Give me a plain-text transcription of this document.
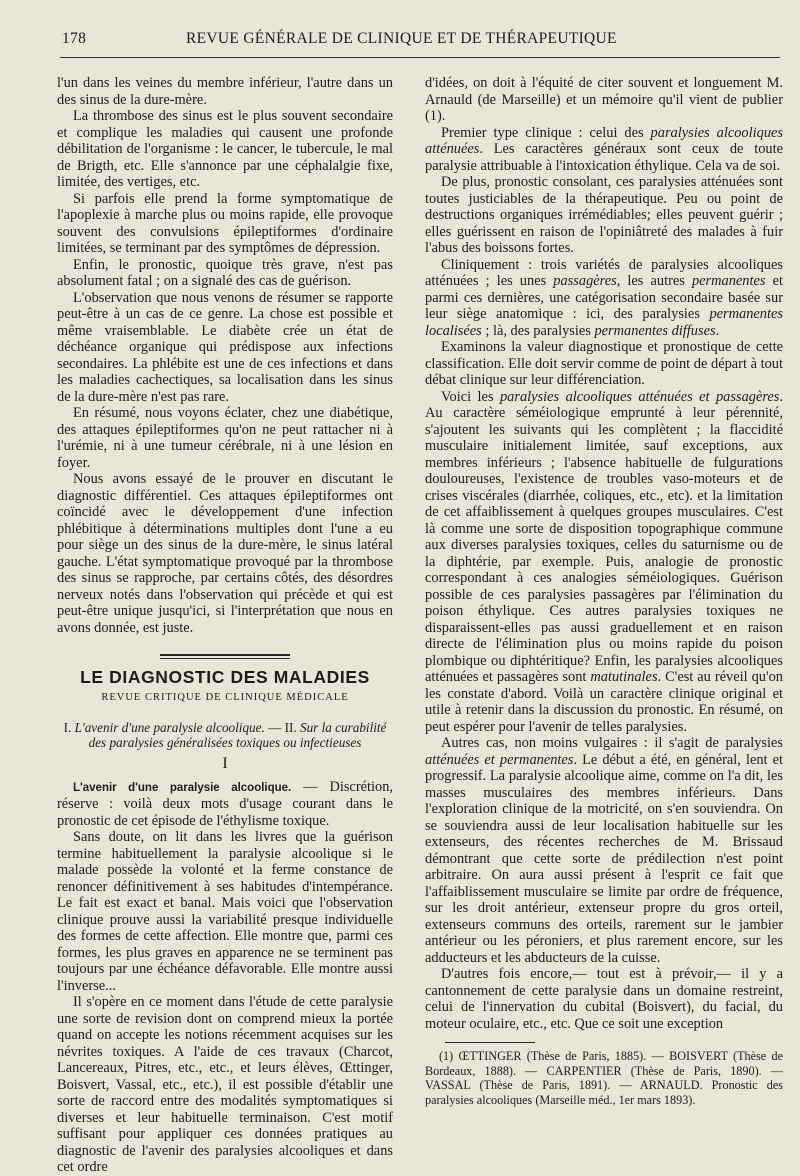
178	REVUE GÉNÉRALE DE CLINIQUE ET DE THÉRAPEUTIQUE

l'un dans les veines du membre inférieur, l'autre dans un des sinus de la dure-mère.

La thrombose des sinus est le plus souvent secondaire et complique les maladies qui causent une profonde débilitation de l'organisme : le cancer, le tubercule, le mal de Brigth, etc. Elle s'annonce par une céphalalgie fixe, limitée, des vertiges, etc.

Si parfois elle prend la forme symptomatique de l'apoplexie à marche plus ou moins rapide, elle provoque souvent des convulsions épileptiformes d'ordinaire limitées, se terminant par des symptômes de dépression.

Enfin, le pronostic, quoique très grave, n'est pas absolument fatal ; on a signalé des cas de guérison.

L'observation que nous venons de résumer se rapporte peut-être à un cas de ce genre. La chose est possible et même vraisemblable. Le diabète crée un état de déchéance organique qui prédispose aux infections secondaires. La phlébite est une de ces infections et dans les maladies cachectiques, sa localisation dans les sinus de la dure-mère n'est pas rare.

En résumé, nous voyons éclater, chez une diabétique, des attaques épileptiformes qu'on ne peut rattacher ni à l'urémie, ni à une tumeur cérébrale, ni à une lésion en foyer.

Nous avons essayé de le prouver en discutant le diagnostic différentiel. Ces attaques épileptiformes ont coïncidé avec le développement d'une infection phlébitique à déterminations multiples dont l'une a eu pour siège un des sinus de la dure-mère, le sinus latéral gauche. L'état symptomatique provoqué par la thrombose des sinus se rapproche, par certains côtés, des désordres nerveux notés dans l'observation qui précède et qui est peut-être unique jusqu'ici, si l'interprétation que nous en avons donnée, est juste.

LE DIAGNOSTIC DES MALADIES
REVUE CRITIQUE DE CLINIQUE MÉDICALE
I. L'avenir d'une paralysie alcoolique. — II. Sur la curabilité des paralysies généralisées toxiques ou infectieuses
I

L'avenir d'une paralysie alcoolique. — Discrétion, réserve : voilà deux mots d'usage courant dans le pronostic de cet épisode de l'éthylisme toxique.

Sans doute, on lit dans les livres que la guérison termine habituellement la paralysie alcoolique si le malade possède la volonté et la ferme constance de renoncer définitivement à ses habitudes d'intempérance. Le fait est exact et banal. Mais voici que l'observation clinique prouve aussi la variabilité presque individuelle des formes de cette affection. Elle montre que, parmi ces formes, les plus graves en apparence ne se terminent pas toujours par une échéance défavorable. Elle montre aussi l'inverse...

Il s'opère en ce moment dans l'étude de cette paralysie une sorte de revision dont on comprend mieux la portée quand on accepte les notions récemment acquises sur les névrites toxiques. A l'aide de ces travaux (Charcot, Lancereaux, Pitres, etc., etc., et leurs élèves, Œttinger, Boisvert, Vassal, etc., etc.), il est possible d'établir une sorte de raccord entre des modalités symptomatiques si diverses et leur habituelle terminaison. C'est motif suffisant pour appliquer ces données pratiques au diagnostic de l'avenir des paralysies alcooliques et dans cet ordre

d'idées, on doit à l'équité de citer souvent et longuement M. Arnauld (de Marseille) et un mémoire qu'il vient de publier (1).

Premier type clinique : celui des paralysies alcooliques atténuées. Les caractères généraux sont ceux de toute paralysie attribuable à l'intoxication éthylique. Cela va de soi.

De plus, pronostic consolant, ces paralysies atténuées sont toutes justiciables de la thérapeutique. Peu ou point de destructions organiques irrémédiables; elles peuvent guérir ; elles guérissent en raison de l'opiniâtreté des malades à fuir l'abus des boissons fortes.

Cliniquement : trois variétés de paralysies alcooliques atténuées ; les unes passagères, les autres permanentes et parmi ces dernières, une catégorisation secondaire basée sur leur siège anatomique : ici, des paralysies permanentes localisées ; là, des paralysies permanentes diffuses.

Examinons la valeur diagnostique et pronostique de cette classification. Elle doit servir comme de point de départ à tout débat clinique sur leur différenciation.

Voici les paralysies alcooliques atténuées et passagères. Au caractère séméiologique emprunté à leur pérennité, s'ajoutent les suivants qui les complètent ; la flaccidité musculaire initialement limitée, sauf exceptions, aux membres inférieurs ; l'absence habituelle de fulgurations douloureuses, l'existence de troubles vaso-moteurs et de crises viscérales (diarrhée, coliques, etc., etc). et la limitation de cet affaiblissement à quelques groupes musculaires. C'est là comme une sorte de disposition topographique commune aux diverses paralysies toxiques, celles du saturnisme ou de la diphtérie, par exemple. Puis, analogie de pronostic correspondant à ces analogies séméiologiques. Guérison possible de ces paralysies passagères par l'élimination du poison éthylique. Ces autres paralysies toxiques ne disparaissent-elles pas aussi graduellement et en raison directe de l'élimination plus ou moins rapide du poison plombique ou diphtéritique? Enfin, les paralysies alcooliques atténuées et passagères sont matutinales. C'est au réveil qu'on les constate d'abord. Voilà un caractère clinique original et utile à retenir dans la discussion du pronostic. En résumé, on peut espérer pour l'avenir de telles paralysies.

Autres cas, non moins vulgaires : il s'agit de paralysies atténuées et permanentes. Le début a été, en général, lent et progressif. La paralysie alcoolique aime, comme on l'a dit, les masses musculaires des membres inférieurs. Dans l'exploration clinique de la motricité, on s'en souviendra. On se souviendra aussi de leur localisation habituelle sur les extenseurs, des récentes recherches de M. Brissaud démontrant que cette sorte de prédilection n'est point arbitraire. On aura aussi présent à l'esprit ce fait que l'affaiblissement musculaire se limite par ordre de fréquence, sur les droit antérieur, extenseur propre du gros orteil, extenseurs communs des orteils, rarement sur le jambier antérieur ou les péroniers, et plus rarement encore, sur les adducteurs et les abducteurs de la cuisse.

D'autres fois encore,— tout est à prévoir,— il y a cantonnement de cette paralysie dans un domaine restreint, celui de l'innervation du cubital (Boisvert), du facial, du moteur oculaire, etc., etc. Que ce soit une exception

(1) ŒTTINGER (Thèse de Paris, 1885). — BOISVERT (Thèse de Bordeaux, 1888). — CARPENTIER (Thèse de Paris, 1890). — VASSAL (Thèse de Paris, 1891). — ARNAULD. Pronostic des paralysies alcooliques (Marseille méd., 1er mars 1893).
